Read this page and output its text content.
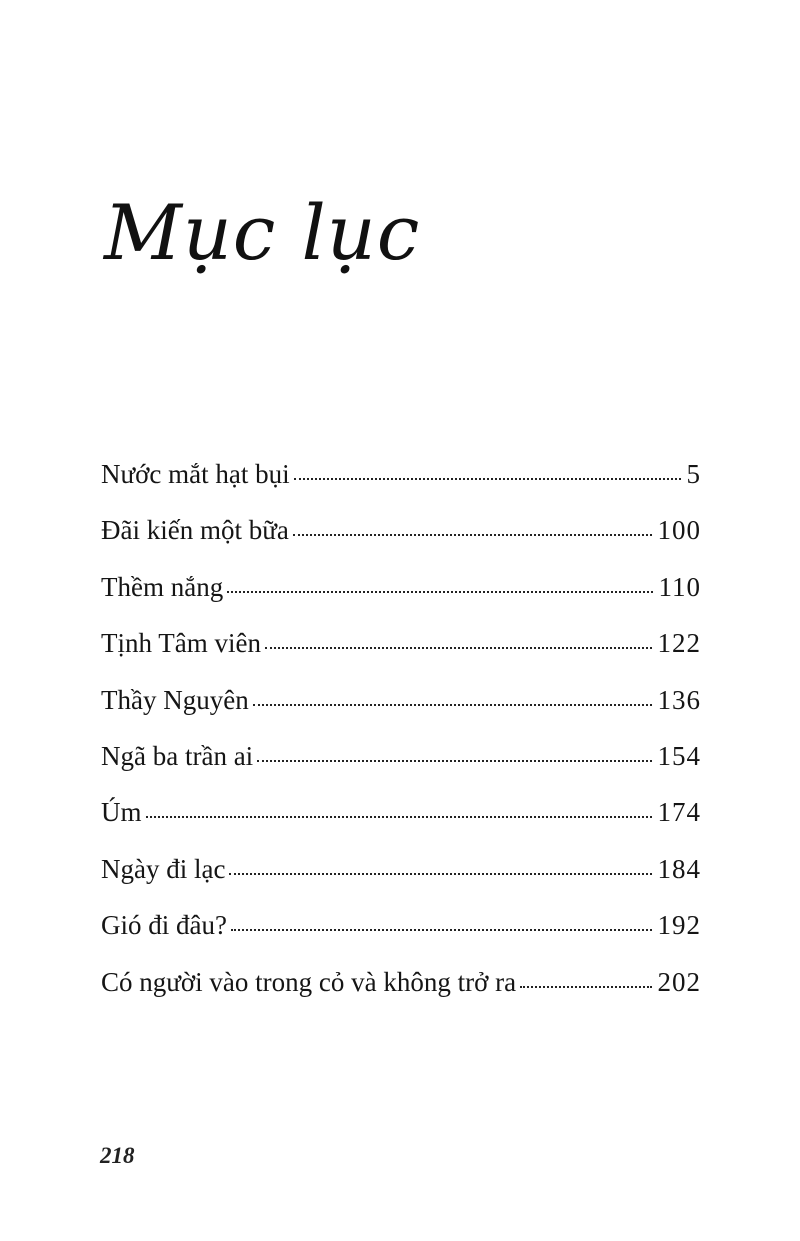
Mục lục
Nước mắt hạt bụi	5
Đãi kiến một bữa	100
Thềm nắng	110
Tịnh Tâm viên	122
Thầy Nguyên	136
Ngã ba trần ai	154
Úm	174
Ngày đi lạc	184
Gió đi đâu?	192
Có người vào trong cỏ và không trở ra	202
218
